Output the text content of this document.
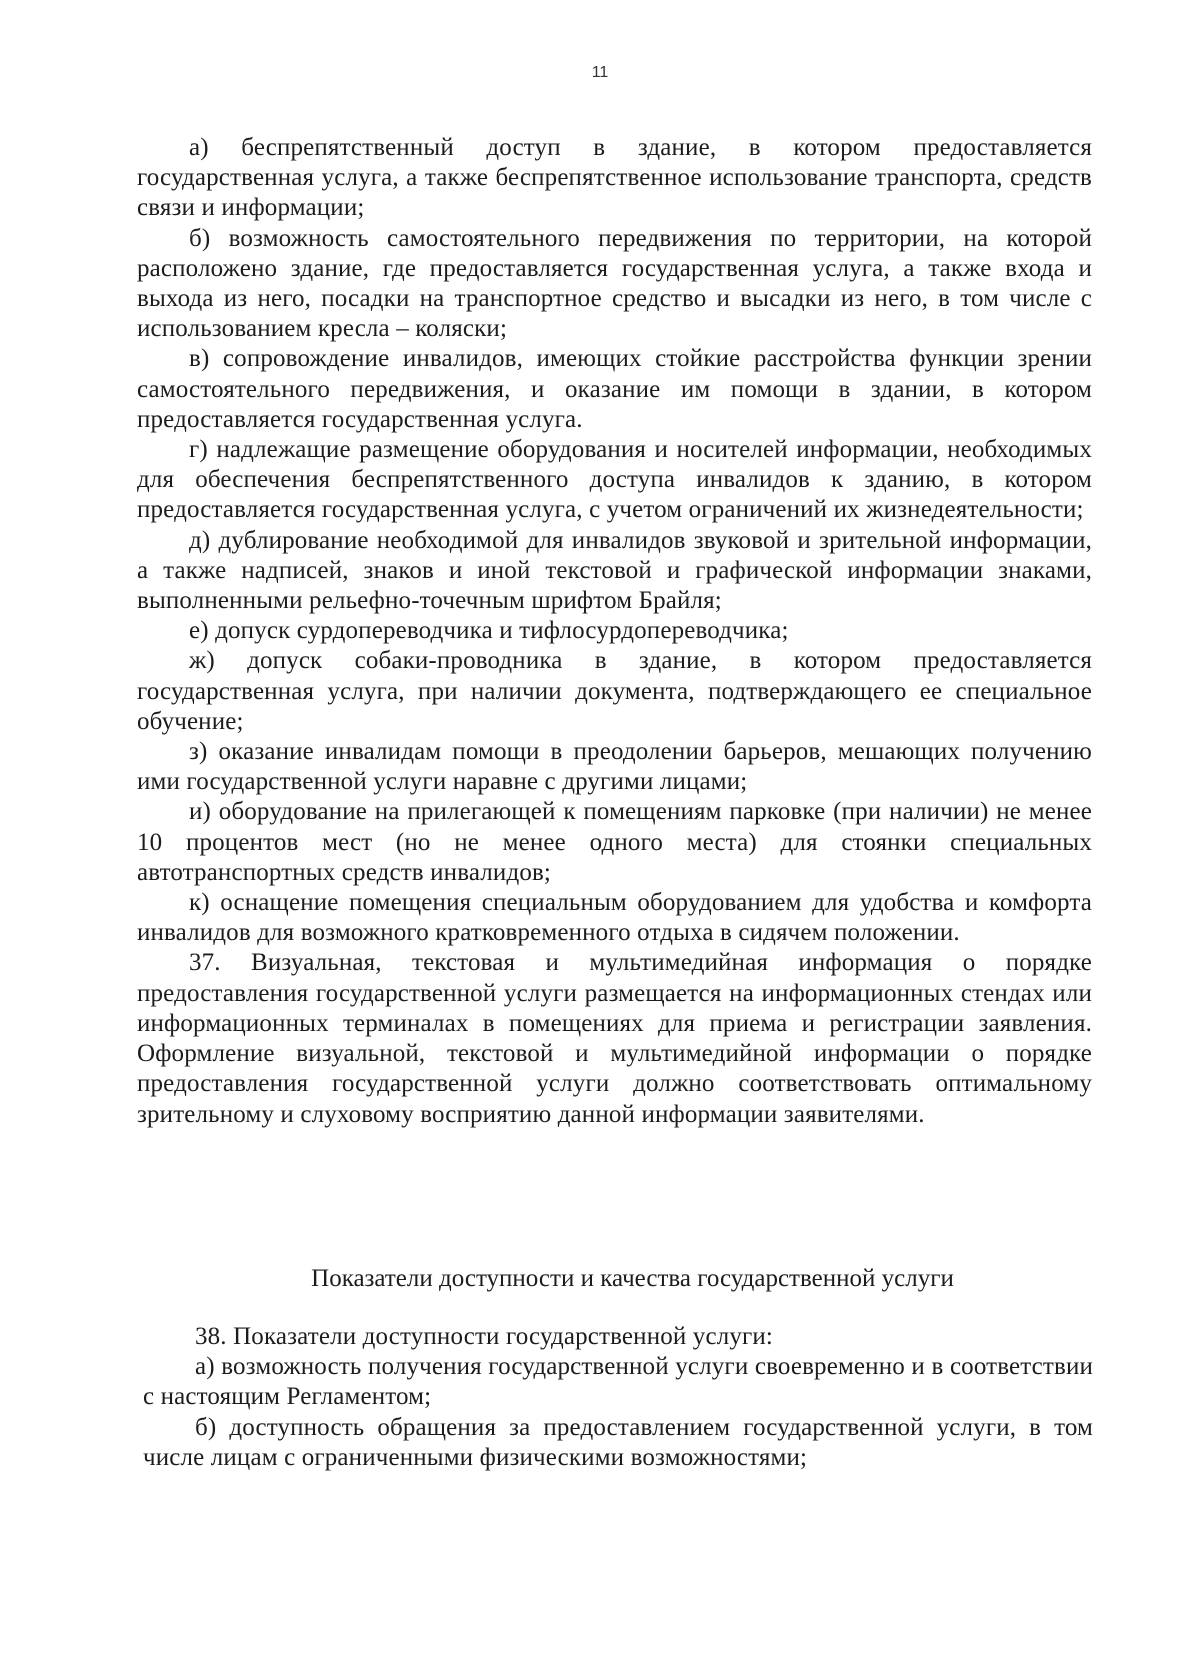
11

а) беспрепятственный доступ в здание, в котором предоставляется государственная услуга, а также беспрепятственное использование транспорта, средств связи и информации;

б) возможность самостоятельного передвижения по территории, на которой расположено здание, где предоставляется государственная услуга, а также входа и выхода из него, посадки на транспортное средство и высадки из него, в том числе с использованием кресла – коляски;

в) сопровождение инвалидов, имеющих стойкие расстройства функции зрении самостоятельного передвижения, и оказание им помощи в здании, в котором предоставляется государственная услуга.

г) надлежащие размещение оборудования и носителей информации, необходимых для обеспечения беспрепятственного доступа инвалидов к зданию, в котором предоставляется государственная услуга, с учетом ограничений их жизнедеятельности;

д) дублирование необходимой для инвалидов звуковой и зрительной информации, а также надписей, знаков и иной текстовой и графической информации знаками, выполненными рельефно-точечным шрифтом Брайля;

е) допуск сурдопереводчика и тифлосурдопереводчика;

ж) допуск собаки-проводника в здание, в котором предоставляется государственная услуга, при наличии документа, подтверждающего ее специальное обучение;

з) оказание инвалидам помощи в преодолении барьеров, мешающих получению ими государственной услуги наравне с другими лицами;

и) оборудование на прилегающей к помещениям парковке (при наличии) не менее 10 процентов мест (но не менее одного места) для стоянки специальных автотранспортных средств инвалидов;

к) оснащение помещения специальным оборудованием для удобства и комфорта инвалидов для возможного кратковременного отдыха в сидячем положении.

37. Визуальная, текстовая и мультимедийная информация о порядке предоставления государственной услуги размещается на информационных стендах или информационных терминалах в помещениях для приема и регистрации заявления. Оформление визуальной, текстовой и мультимедийной информации о порядке предоставления государственной услуги должно соответствовать оптимальному зрительному и слуховому восприятию данной информации заявителями.

Показатели доступности и качества государственной услуги

38. Показатели доступности государственной услуги:

а) возможность получения государственной услуги своевременно и в соответствии с настоящим Регламентом;

б) доступность обращения за предоставлением государственной услуги, в том числе лицам с ограниченными физическими возможностями;
